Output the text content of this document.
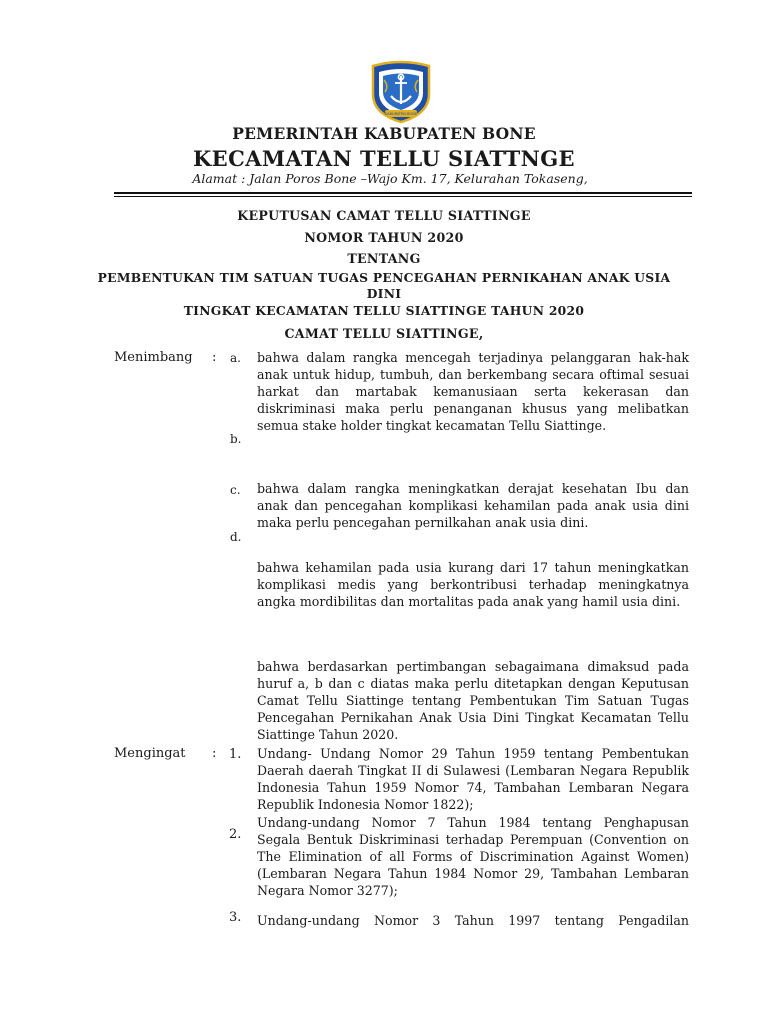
KABUPATEN BONE
PEMERINTAH KABUPATEN BONE
KECAMATAN TELLU SIATTNGE
Alamat : Jalan Poros Bone –Wajo Km. 17, Kelurahan Tokaseng,
KEPUTUSAN CAMAT TELLU SIATTINGE
NOMOR TAHUN 2020
TENTANG
PEMBENTUKAN TIM SATUAN TUGAS PENCEGAHAN PERNIKAHAN ANAK USIA
DINI
TINGKAT KECAMATAN TELLU SIATTINGE TAHUN 2020
CAMAT TELLU SIATTINGE,
Menimbang : a.
b.
c.
d.
bahwa dalam rangka mencegah terjadinya pelanggaran hak-hak anak untuk hidup, tumbuh, dan berkembang secara oftimal sesuai harkat dan martabak kemanusiaan serta kekerasan dan diskriminasi maka perlu penanganan khusus yang melibatkan semua stake holder tingkat kecamatan Tellu Siattinge.
bahwa dalam rangka meningkatkan derajat kesehatan Ibu dan anak dan pencegahan komplikasi kehamilan pada anak usia dini maka perlu pencegahan pernilkahan anak usia dini.
bahwa kehamilan pada usia kurang dari 17 tahun meningkatkan komplikasi medis yang berkontribusi terhadap meningkatnya angka mordibilitas dan mortalitas pada anak yang hamil usia dini.
bahwa berdasarkan pertimbangan sebagaimana dimaksud pada huruf a, b dan c diatas maka perlu ditetapkan dengan Keputusan Camat Tellu Siattinge tentang Pembentukan Tim Satuan Tugas Pencegahan Pernikahan Anak Usia Dini Tingkat Kecamatan Tellu Siattinge Tahun 2020.
Mengingat : 1.
2.
3.
Undang- Undang Nomor 29 Tahun 1959 tentang Pembentukan Daerah daerah Tingkat II di Sulawesi (Lembaran Negara Republik Indonesia Tahun 1959 Nomor 74, Tambahan Lembaran Negara Republik Indonesia Nomor 1822);
Undang-undang Nomor 7 Tahun 1984 tentang Penghapusan Segala Bentuk Diskriminasi terhadap Perempuan (Convention on The Elimination of all Forms of Discrimination Against Women) (Lembaran Negara Tahun 1984 Nomor 29, Tambahan Lembaran Negara Nomor 3277);
Undang-undang Nomor 3 Tahun 1997 tentang Pengadilan
